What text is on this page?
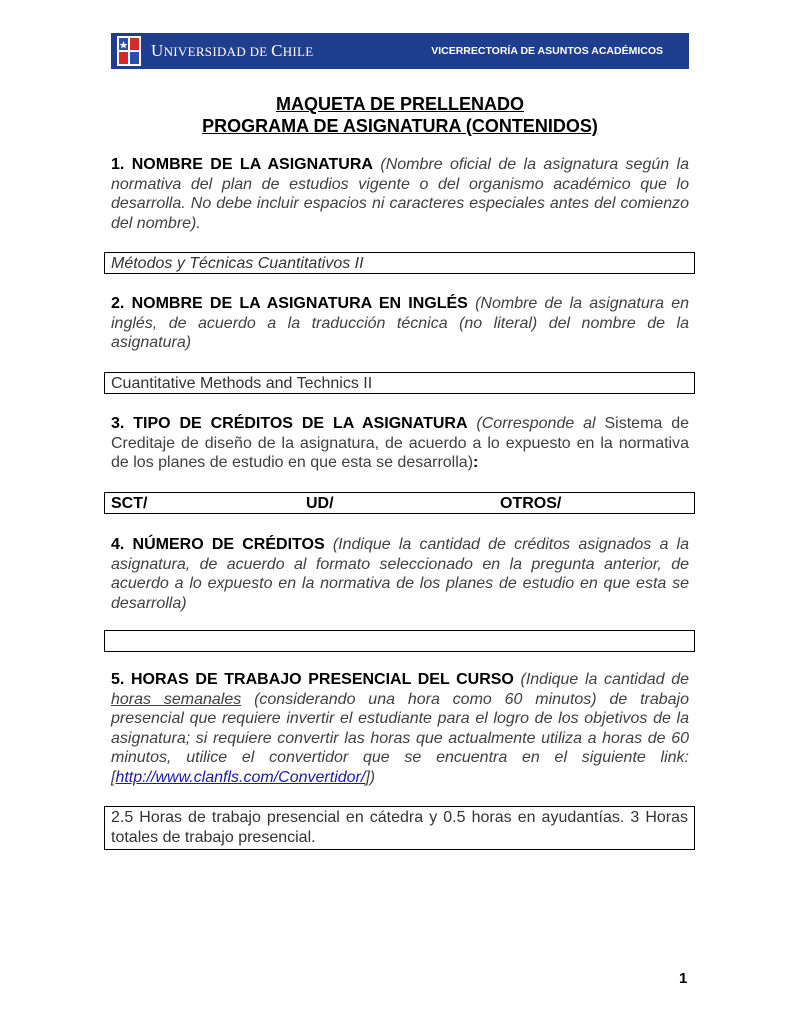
UNIVERSIDAD DE CHILE	VICERRECTORÍA DE ASUNTOS ACADÉMICOS
MAQUETA DE PRELLENADO
PROGRAMA DE ASIGNATURA (CONTENIDOS)
1. NOMBRE DE LA ASIGNATURA (Nombre oficial de la asignatura según la normativa del plan de estudios vigente o del organismo académico que lo desarrolla. No debe incluir espacios ni caracteres especiales antes del comienzo del nombre).
Métodos y Técnicas Cuantitativos II
2. NOMBRE DE LA ASIGNATURA EN INGLÉS (Nombre de la asignatura en inglés, de acuerdo a la traducción técnica (no literal) del nombre de la asignatura)
Cuantitative Methods and Technics II
3. TIPO DE CRÉDITOS DE LA ASIGNATURA (Corresponde al Sistema de Creditaje de diseño de la asignatura, de acuerdo a lo expuesto en la normativa de los planes de estudio en que esta se desarrolla):
SCT/	UD/	OTROS/
4. NÚMERO DE CRÉDITOS (Indique la cantidad de créditos asignados a la asignatura, de acuerdo al formato seleccionado en la pregunta anterior, de acuerdo a lo expuesto en la normativa de los planes de estudio en que esta se desarrolla)
5. HORAS DE TRABAJO PRESENCIAL DEL CURSO (Indique la cantidad de horas semanales (considerando una hora como 60 minutos) de trabajo presencial que requiere invertir el estudiante para el logro de los objetivos de la asignatura; si requiere convertir las horas que actualmente utiliza a horas de 60 minutos, utilice el convertidor que se encuentra en el siguiente link: [http://www.clanfls.com/Convertidor/])
2.5 Horas de trabajo presencial en cátedra y 0.5 horas en ayudantías. 3 Horas totales de trabajo presencial.
1
